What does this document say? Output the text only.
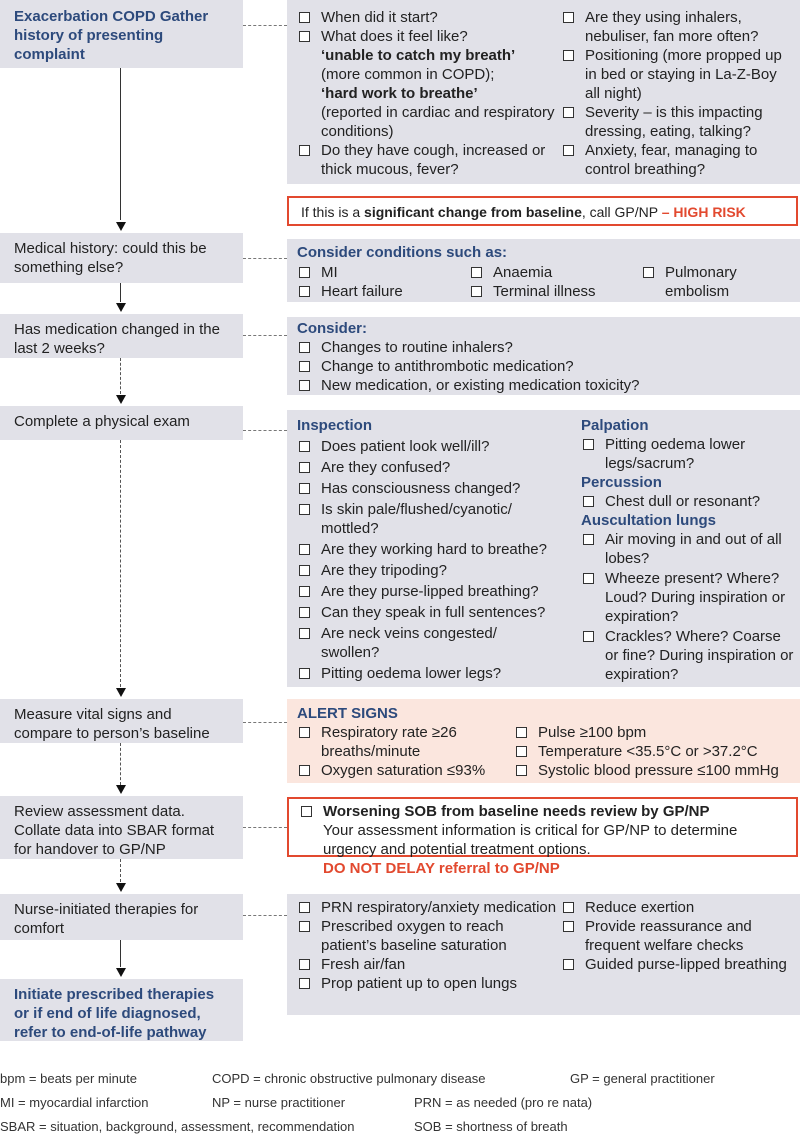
Exacerbation COPD Gather history of presenting complaint
Medical history: could this be something else?
Has medication changed in the last 2 weeks?
Complete a physical exam
Measure vital signs and compare to person’s baseline
Review assessment data. Collate data into SBAR format for handover to GP/NP
Nurse-initiated therapies for comfort
Initiate prescribed therapies or if end of life diagnosed, refer to end-of-life pathway
When did it start?
What does it feel like?
‘unable to catch my breath’
(more common in COPD);
‘hard work to breathe’
(reported in cardiac and respiratory conditions)
Do they have cough, increased or thick mucous, fever?
Are they using inhalers, nebuliser, fan more often?
Positioning (more propped up in bed or staying in La-Z-Boy all night)
Severity – is this impacting dressing, eating, talking?
Anxiety, fear, managing to control breathing?
If this is a significant change from baseline, call GP/NP – HIGH RISK
Consider conditions such as:
MI
Heart failure
Anaemia
Terminal illness
Pulmonary embolism
Consider:
Changes to routine inhalers?
Change to antithrombotic medication?
New medication, or existing medication toxicity?
Inspection
Does patient look well/ill?
Are they confused?
Has consciousness changed?
Is skin pale/flushed/cyanotic/ mottled?
Are they working hard to breathe?
Are they tripoding?
Are they purse-lipped breathing?
Can they speak in full sentences?
Are neck veins congested/ swollen?
Pitting oedema lower legs?
Palpation
Pitting oedema lower legs/sacrum?
Percussion
Chest dull or resonant?
Auscultation lungs
Air moving in and out of all lobes?
Wheeze present? Where? Loud? During inspiration or expiration?
Crackles? Where? Coarse or fine? During inspiration or expiration?
ALERT SIGNS
Respiratory rate ≥26 breaths/minute
Oxygen saturation ≤93%
Pulse ≥100 bpm
Temperature <35.5°C or >37.2°C
Systolic blood pressure ≤100 mmHg
Worsening SOB from baseline needs review by GP/NP
Your assessment information is critical for GP/NP to determine urgency and potential treatment options.
DO NOT DELAY referral to GP/NP
PRN respiratory/anxiety medication
Prescribed oxygen to reach patient’s baseline saturation
Fresh air/fan
Prop patient up to open lungs
Reduce exertion
Provide reassurance and frequent welfare checks
Guided purse-lipped breathing
bpm = beats per minute	COPD = chronic obstructive pulmonary disease	GP = general practitioner
MI = myocardial infarction	NP = nurse practitioner	PRN = as needed (pro re nata)
SBAR = situation, background, assessment, recommendation	SOB = shortness of breath
